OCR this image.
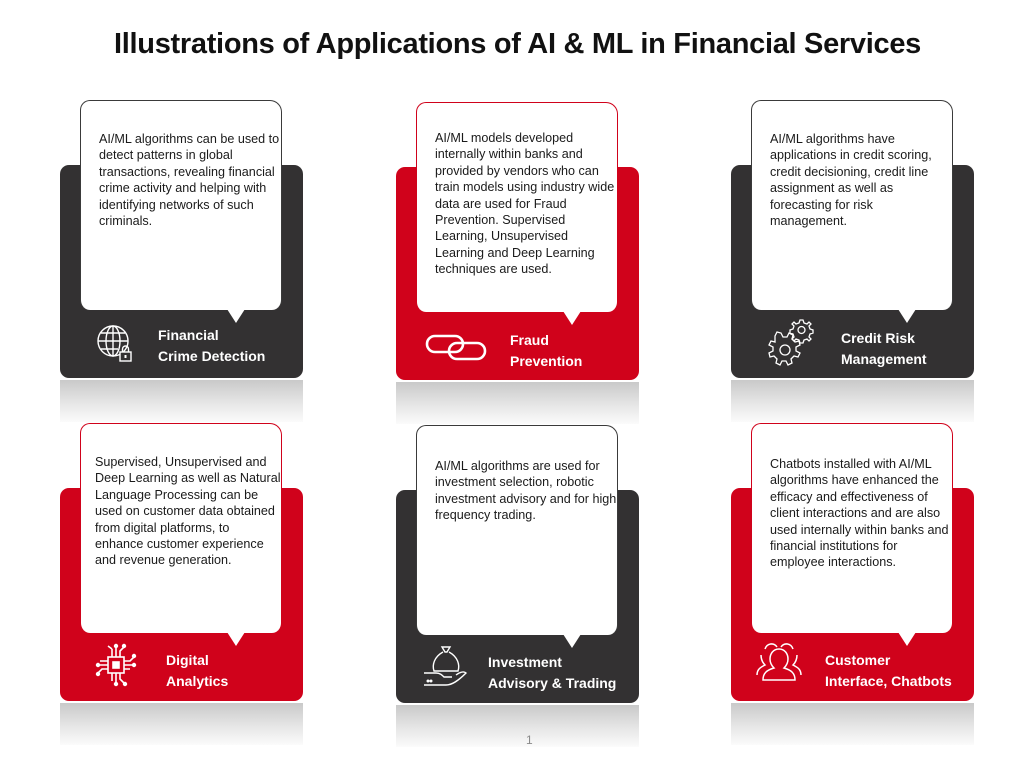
Illustrations of Applications of AI & ML in Financial Services
AI/ML algorithms can be used to detect patterns in global transactions, revealing financial crime activity and helping with identifying networks of such criminals.
Financial
Crime Detection
AI/ML models developed internally within banks and provided by vendors who can train models using industry wide data are used for Fraud Prevention. Supervised Learning, Unsupervised Learning and Deep Learning techniques are used.
Fraud
Prevention
AI/ML algorithms have applications in credit scoring, credit decisioning, credit line assignment as well as forecasting for risk management.
Credit Risk
Management
Supervised, Unsupervised and Deep Learning as well as Natural Language Processing can be used on customer data obtained from digital platforms, to enhance customer experience and revenue generation.
Digital
Analytics
AI/ML algorithms are used for investment selection, robotic investment advisory and for high frequency trading.
Investment
Advisory & Trading
Chatbots installed with AI/ML algorithms have enhanced the efficacy and effectiveness of client interactions and are also used internally within banks and financial institutions for employee interactions.
Customer
Interface, Chatbots
1
